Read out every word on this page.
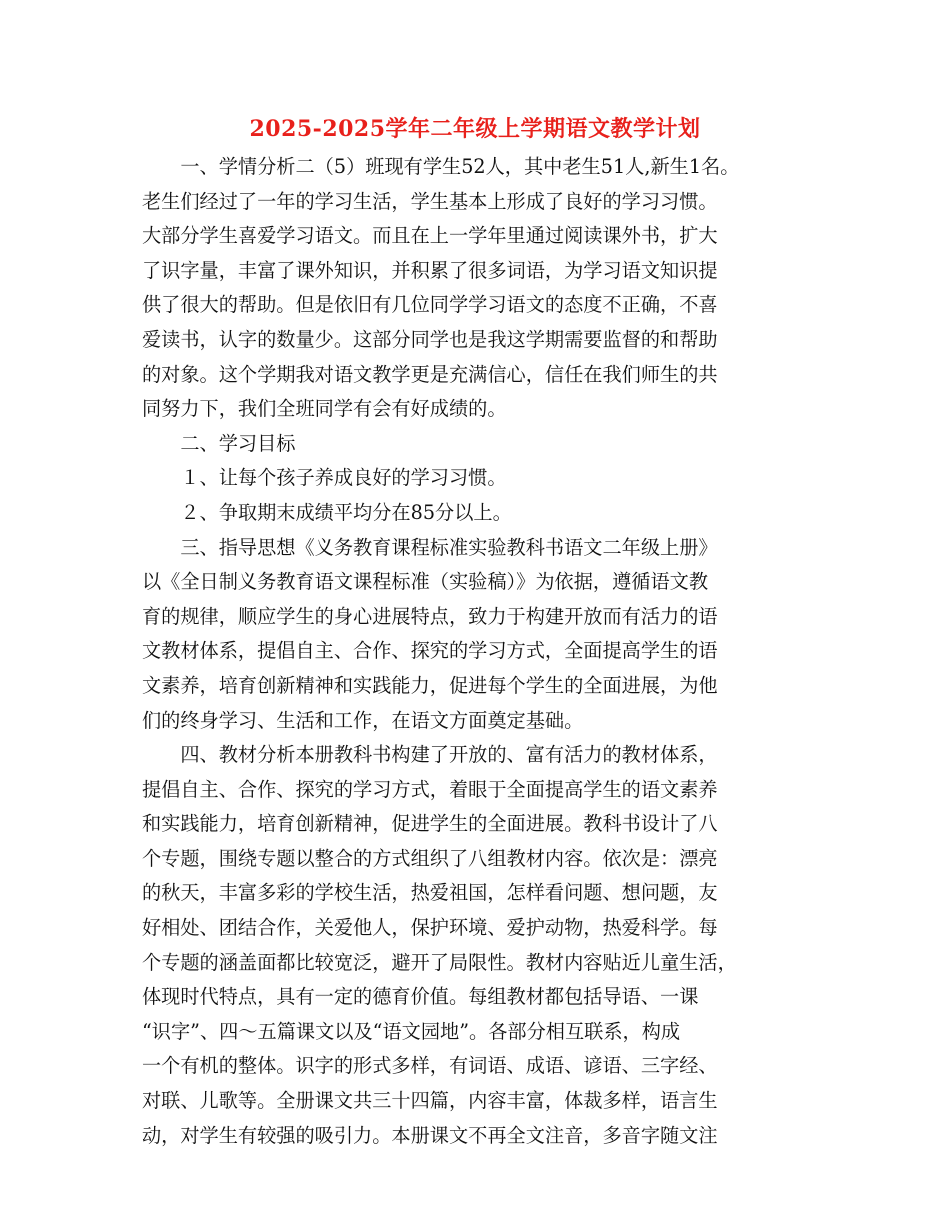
2025-2025学年二年级上学期语文教学计划
　　一、学情分析二（5）班现有学生52人，其中老生51人,新生1名。
老生们经过了一年的学习生活，学生基本上形成了良好的学习习惯。
大部分学生喜爱学习语文。而且在上一学年里通过阅读课外书，扩大
了识字量，丰富了课外知识，并积累了很多词语，为学习语文知识提
供了很大的帮助。但是依旧有几位同学学习语文的态度不正确，不喜
爱读书，认字的数量少。这部分同学也是我这学期需要监督的和帮助
的对象。这个学期我对语文教学更是充满信心，信任在我们师生的共
同努力下，我们全班同学有会有好成绩的。
　　二、学习目标
　　１、让每个孩子养成良好的学习习惯。
　　２、争取期末成绩平均分在85分以上。
　　三、指导思想《义务教育课程标准实验教科书语文二年级上册》
以《全日制义务教育语文课程标准（实验稿）》为依据，遵循语文教
育的规律，顺应学生的身心进展特点，致力于构建开放而有活力的语
文教材体系，提倡自主、合作、探究的学习方式，全面提高学生的语
文素养，培育创新精神和实践能力，促进每个学生的全面进展，为他
们的终身学习、生活和工作，在语文方面奠定基础。
　　四、教材分析本册教科书构建了开放的、富有活力的教材体系，
提倡自主、合作、探究的学习方式，着眼于全面提高学生的语文素养
和实践能力，培育创新精神，促进学生的全面进展。教科书设计了八
个专题，围绕专题以整合的方式组织了八组教材内容。依次是：漂亮
的秋天，丰富多彩的学校生活，热爱祖国，怎样看问题、想问题，友
好相处、团结合作，关爱他人，保护环境、爱护动物，热爱科学。每
个专题的涵盖面都比较宽泛，避开了局限性。教材内容贴近儿童生活，
体现时代特点，具有一定的德育价值。每组教材都包括导语、一课
“识字”、四～五篇课文以及“语文园地”。各部分相互联系，构成
一个有机的整体。识字的形式多样，有词语、成语、谚语、三字经、
对联、儿歌等。全册课文共三十四篇，内容丰富，体裁多样，语言生
动，对学生有较强的吸引力。本册课文不再全文注音，多音字随文注
